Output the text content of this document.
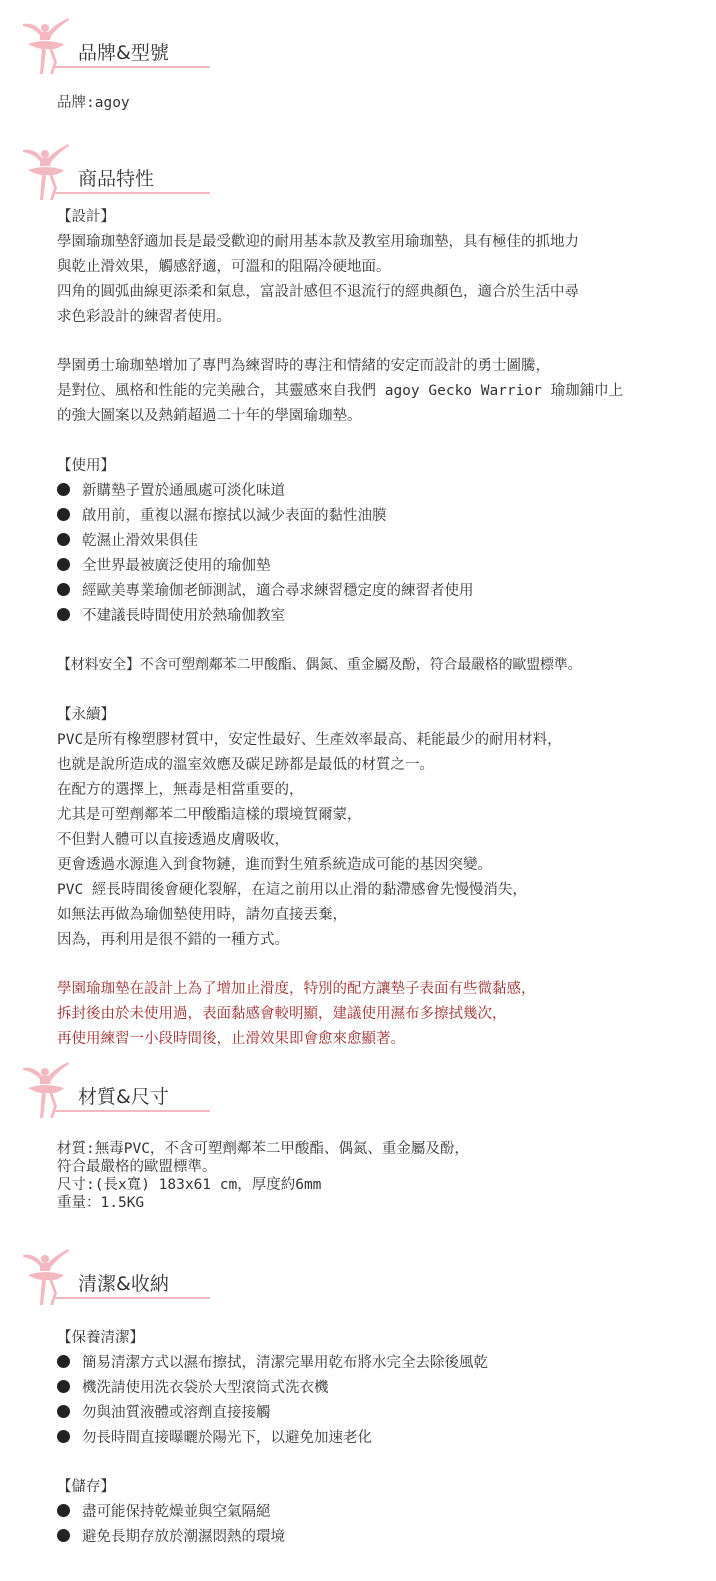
品牌&型號
品牌:agoy
商品特性
【設計】
學園瑜珈墊舒適加長是最受歡迎的耐用基本款及教室用瑜珈墊，具有極佳的抓地力
與乾止滑效果，觸感舒適，可溫和的阻隔冷硬地面。
四角的圓弧曲線更添柔和氣息，富設計感但不退流行的經典顏色，適合於生活中尋
求色彩設計的練習者使用。
學園勇士瑜珈墊增加了專門為練習時的專注和情緒的安定而設計的勇士圖騰，
是對位、風格和性能的完美融合，其靈感來自我們 agoy Gecko Warrior 瑜珈鋪巾上
的強大圖案以及熱銷超過二十年的學園瑜珈墊。
【使用】
新購墊子置於通風處可淡化味道
啟用前，重複以濕布擦拭以減少表面的黏性油膜
乾濕止滑效果俱佳
全世界最被廣泛使用的瑜伽墊
經歐美專業瑜伽老師測試，適合尋求練習穩定度的練習者使用
不建議長時間使用於熱瑜伽教室
【材料安全】不含可塑劑鄰苯二甲酸酯、偶氮、重金屬及酚，符合最嚴格的歐盟標準。
【永續】
PVC是所有橡塑膠材質中，安定性最好、生產效率最高、耗能最少的耐用材料，
也就是說所造成的溫室效應及碳足跡都是最低的材質之一。
在配方的選擇上，無毒是相當重要的，
尤其是可塑劑鄰苯二甲酸酯這樣的環境賀爾蒙，
不但對人體可以直接透過皮膚吸收，
更會透過水源進入到食物鏈，進而對生殖系統造成可能的基因突變。
PVC 經長時間後會硬化裂解，在這之前用以止滑的黏滯感會先慢慢消失，
如無法再做為瑜伽墊使用時，請勿直接丟棄，
因為，再利用是很不錯的一種方式。
學園瑜珈墊在設計上為了增加止滑度，特別的配方讓墊子表面有些微黏感，
拆封後由於未使用過，表面黏感會較明顯，建議使用濕布多擦拭幾次，
再使用練習一小段時間後，止滑效果即會愈來愈顯著。
材質&尺寸
材質:無毒PVC，不含可塑劑鄰苯二甲酸酯、偶氮、重金屬及酚，
符合最嚴格的歐盟標準。
尺寸:(長x寬) 183x61 cm，厚度約6mm
重量：1.5KG
清潔&收納
【保養清潔】
簡易清潔方式以濕布擦拭，清潔完畢用乾布將水完全去除後風乾
機洗請使用洗衣袋於大型滾筒式洗衣機
勿與油質液體或溶劑直接接觸
勿長時間直接曝曬於陽光下，以避免加速老化
【儲存】
盡可能保持乾燥並與空氣隔絕
避免長期存放於潮濕悶熱的環境
